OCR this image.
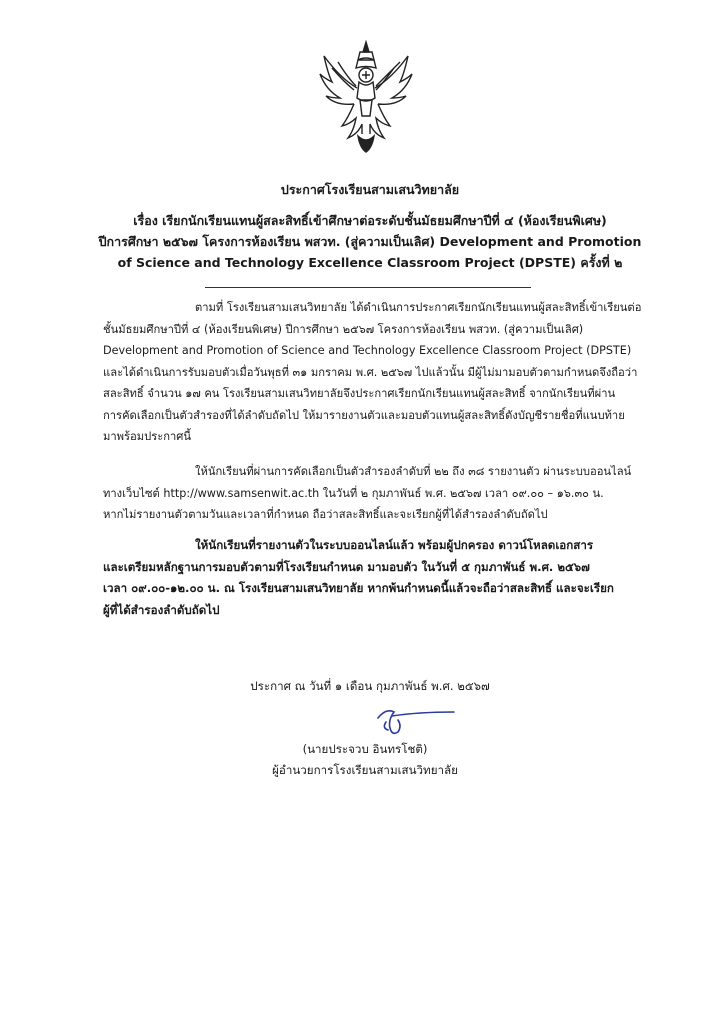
ประกาศโรงเรียนสามเสนวิทยาลัย
เรื่อง เรียกนักเรียนแทนผู้สละสิทธิ์เข้าศึกษาต่อระดับชั้นมัธยมศึกษาปีที่ ๔ (ห้องเรียนพิเศษ)
ปีการศึกษา ๒๕๖๗ โครงการห้องเรียน พสวท. (สู่ความเป็นเลิศ) Development and Promotion
of Science and Technology Excellence Classroom Project (DPSTE) ครั้งที่ ๒
ตามที่ โรงเรียนสามเสนวิทยาลัย ได้ดำเนินการประกาศเรียกนักเรียนแทนผู้สละสิทธิ์เข้าเรียนต่อ
ชั้นมัธยมศึกษาปีที่ ๔ (ห้องเรียนพิเศษ) ปีการศึกษา ๒๕๖๗ โครงการห้องเรียน พสวท. (สู่ความเป็นเลิศ)
Development and Promotion of Science and Technology Excellence Classroom Project (DPSTE)
และได้ดำเนินการรับมอบตัวเมื่อวันพุธที่ ๓๑ มกราคม พ.ศ. ๒๕๖๗ ไปแล้วนั้น มีผู้ไม่มามอบตัวตามกำหนดจึงถือว่า
สละสิทธิ์ จำนวน ๑๗ คน โรงเรียนสามเสนวิทยาลัยจึงประกาศเรียกนักเรียนแทนผู้สละสิทธิ์ จากนักเรียนที่ผ่าน
การคัดเลือกเป็นตัวสำรองที่ได้ลำดับถัดไป ให้มารายงานตัวและมอบตัวแทนผู้สละสิทธิ์ดังบัญชีรายชื่อที่แนบท้าย
มาพร้อมประกาศนี้
ให้นักเรียนที่ผ่านการคัดเลือกเป็นตัวสำรองลำดับที่ ๒๒ ถึง ๓๘ รายงานตัว ผ่านระบบออนไลน์
ทางเว็บไซต์ http://www.samsenwit.ac.th ในวันที่ ๒ กุมภาพันธ์ พ.ศ. ๒๕๖๗ เวลา ๐๙.๐๐ – ๑๖.๓๐ น.
หากไม่รายงานตัวตามวันและเวลาที่กำหนด ถือว่าสละสิทธิ์และจะเรียกผู้ที่ได้สำรองลำดับถัดไป
ให้นักเรียนที่รายงานตัวในระบบออนไลน์แล้ว พร้อมผู้ปกครอง ดาวน์โหลดเอกสาร
และเตรียมหลักฐานการมอบตัวตามที่โรงเรียนกำหนด มามอบตัว ในวันที่ ๕ กุมภาพันธ์ พ.ศ. ๒๕๖๗
เวลา ๐๙.๐๐-๑๒.๐๐ น. ณ โรงเรียนสามเสนวิทยาลัย หากพ้นกำหนดนี้แล้วจะถือว่าสละสิทธิ์ และจะเรียก
ผู้ที่ได้สำรองลำดับถัดไป
ประกาศ ณ วันที่ ๑ เดือน กุมภาพันธ์ พ.ศ. ๒๕๖๗
(นายประจวบ อินทรโชติ)
ผู้อำนวยการโรงเรียนสามเสนวิทยาลัย
